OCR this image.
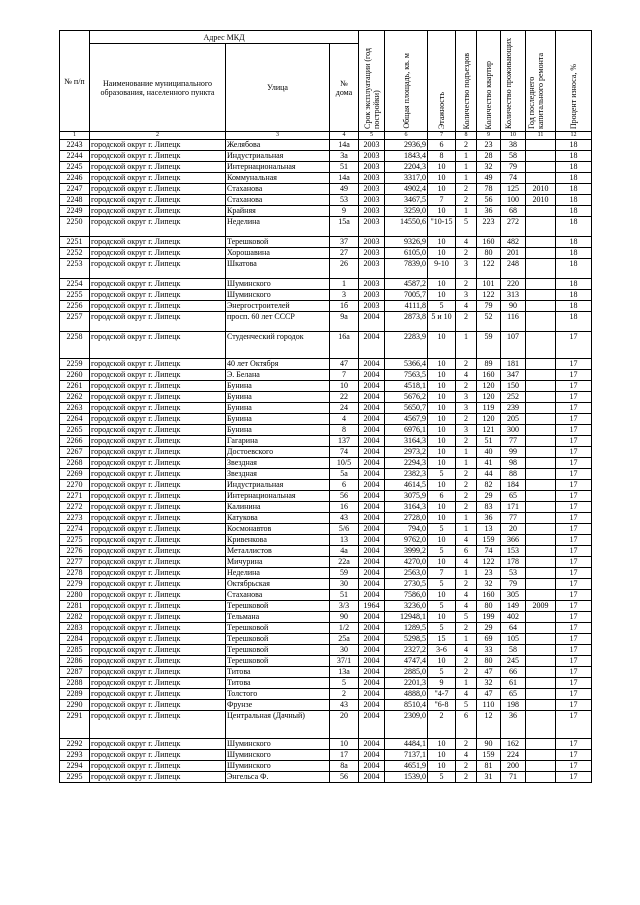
№ п/п	Адрес МКД			Срок эксплуатации (год постройки)	Общая площадь, кв. м	Этажность	Количество подъездов	Количество квартир	Количество проживающих	Год последнего капитального ремонта	Процент износа, %

	Наименование муниципального образования, населенного пункта	Улица	№ дома								
1	2	3	4	5	6	7	8	9	10	11	12
2243	городской округ г. Липецк	Желябова	14а	2003	2936,9	6	2	23	38		18
2244	городской округ г. Липецк	Индустриальная	3а	2003	1843,4	8	1	28	58		18
2245	городской округ г. Липецк	Интернациональная	51	2003	2204,3	10	1	32	79		18
2246	городской округ г. Липецк	Коммунальная	14а	2003	3317,0	10	1	49	74		18
2247	городской округ г. Липецк	Стаханова	49	2003	4902,4	10	2	78	125	2010	18
2248	городской округ г. Липецк	Стаханова	53	2003	3467,5	7	2	56	100	2010	18
2249	городской округ г. Липецк	Крайняя	9	2003	3259,0	10	1	36	68		18
2250	городской округ г. Липецк	Неделина	15а	2003	14550,6	"10-15	5	223	272		18
2251	городской округ г. Липецк	Терешковой	37	2003	9326,9	10	4	160	482		18
2252	городской округ г. Липецк	Хорошавина	27	2003	6105,0	10	2	80	201		18
2253	городской округ г. Липецк	Шкатова	26	2003	7839,0	9-10	3	122	248		18
2254	городской округ г. Липецк	Шуминского	1	2003	4587,2	10	2	101	220		18
2255	городской округ г. Липецк	Шуминского	3	2003	7005,7	10	3	122	313		18
2256	городской округ г. Липецк	Энергостроителей	1б	2003	4111,8	5	4	79	90		18
2257	городской округ г. Липецк	просп. 60 лет СССР	9а	2004	2873,8	5 и 10	2	52	116		18
2258	городской округ г. Липецк	Студенческий городок	16а	2004	2283,9	10	1	59	107		17
2259	городской округ г. Липецк	40 лет Октября	47	2004	5366,4	10	2	89	181		17
2260	городской округ г. Липецк	Э. Белана	7	2004	7563,5	10	4	160	347		17
2261	городской округ г. Липецк	Бунина	10	2004	4518,1	10	2	120	150		17
2262	городской округ г. Липецк	Бунина	22	2004	5676,2	10	3	120	252		17
2263	городской округ г. Липецк	Бунина	24	2004	5650,7	10	3	119	239		17
2264	городской округ г. Липецк	Бунина	4	2004	4567,9	10	2	120	205		17
2265	городской округ г. Липецк	Бунина	8	2004	6976,1	10	3	121	300		17
2266	городской округ г. Липецк	Гагарина	137	2004	3164,3	10	2	51	77		17
2267	городской округ г. Липецк	Достоевского	74	2004	2973,2	10	1	40	99		17
2268	городской округ г. Липецк	Звездная	10/5	2004	2294,3	10	1	41	98		17
2269	городской округ г. Липецк	Звездная	5а	2004	2382,3	5	2	44	88		17
2270	городской округ г. Липецк	Индустриальная	6	2004	4614,5	10	2	82	184		17
2271	городской округ г. Липецк	Интернациональная	56	2004	3075,9	6	2	29	65		17
2272	городской округ г. Липецк	Калинина	16	2004	3164,3	10	2	83	171		17
2273	городской округ г. Липецк	Катукова	43	2004	2728,0	10	1	36	77		17
2274	городской округ г. Липецк	Космонавтов	5/6	2004	794,0	5	1	13	20		17
2275	городской округ г. Липецк	Кривенкова	13	2004	9762,0	10	4	159	366		17
2276	городской округ г. Липецк	Металлистов	4а	2004	3999,2	5	6	74	153		17
2277	городской округ г. Липецк	Мичурина	22а	2004	4270,0	10	4	122	178		17
2278	городской округ г. Липецк	Неделина	59	2004	2563,0	7	1	23	53		17
2279	городской округ г. Липецк	Октябрьская	30	2004	2730,5	5	2	32	79		17
2280	городской округ г. Липецк	Стаханова	51	2004	7586,0	10	4	160	305		17
2281	городской округ г. Липецк	Терешковой	3/3	1964	3236,0	5	4	80	149	2009	17
2282	городской округ г. Липецк	Тельмана	90	2004	12948,1	10	5	199	402		17
2283	городской округ г. Липецк	Терешковой	1/2	2004	1289,5	5	2	29	64		17
2284	городской округ г. Липецк	Терешковой	25а	2004	5298,5	15	1	69	105		17
2285	городской округ г. Липецк	Терешковой	30	2004	2327,2	3-6	4	33	58		17
2286	городской округ г. Липецк	Терешковой	37/1	2004	4747,4	10	2	80	245		17
2287	городской округ г. Липецк	Титова	13а	2004	2885,0	5	2	47	66		17
2288	городской округ г. Липецк	Титова	5	2004	2201,3	9	1	32	61		17
2289	городской округ г. Липецк	Толстого	2	2004	4888,0	"4-7	4	47	65		17
2290	городской округ г. Липецк	Фрунзе	43	2004	8510,4	"6-8	5	110	198		17
2291	городской округ г. Липецк	Центральная (Дачный)	20	2004	2309,0	2	6	12	36		17
2292	городской округ г. Липецк	Шуминского	10	2004	4484,1	10	2	90	162		17
2293	городской округ г. Липецк	Шуминского	17	2004	7137,1	10	4	159	224		17
2294	городской округ г. Липецк	Шуминского	8а	2004	4651,9	10	2	81	200		17
2295	городской округ г. Липецк	Энгельса Ф.	56	2004	1539,0	5	2	31	71		17
